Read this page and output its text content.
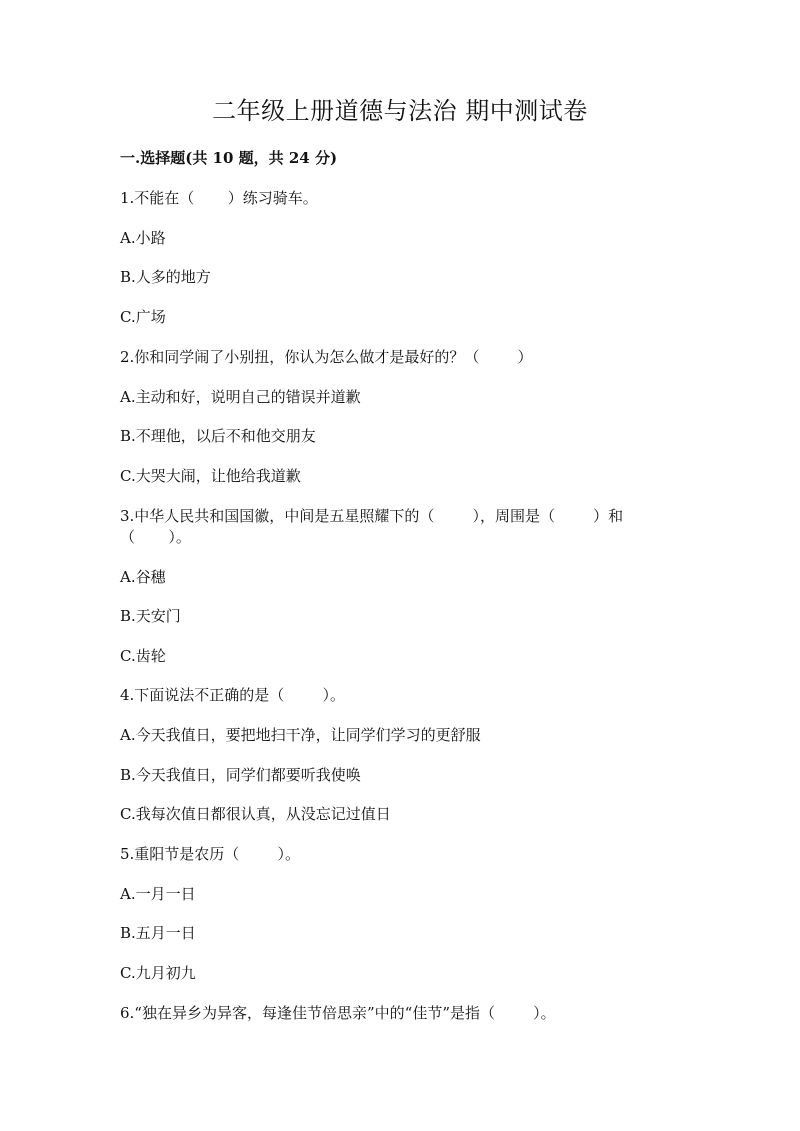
二年级上册道德与法治 期中测试卷
一.选择题(共 10 题，共 24 分)
1.不能在（       ）练习骑车。
A.小路
B.人多的地方
C.广场
2.你和同学闹了小别扭，你认为怎么做才是最好的？（        ）
A.主动和好，说明自己的错误并道歉
B.不理他，以后不和他交朋友
C.大哭大闹，让他给我道歉
3.中华人民共和国国徽，中间是五星照耀下的（        ），周围是（        ）和
（       ）。
A.谷穗
B.天安门
C.齿轮
4.下面说法不正确的是（        ）。
A.今天我值日，要把地扫干净，让同学们学习的更舒服
B.今天我值日，同学们都要听我使唤
C.我每次值日都很认真，从没忘记过值日
5.重阳节是农历（        ）。
A.一月一日
B.五月一日
C.九月初九
6.“独在异乡为异客，每逢佳节倍思亲”中的“佳节”是指（        ）。
